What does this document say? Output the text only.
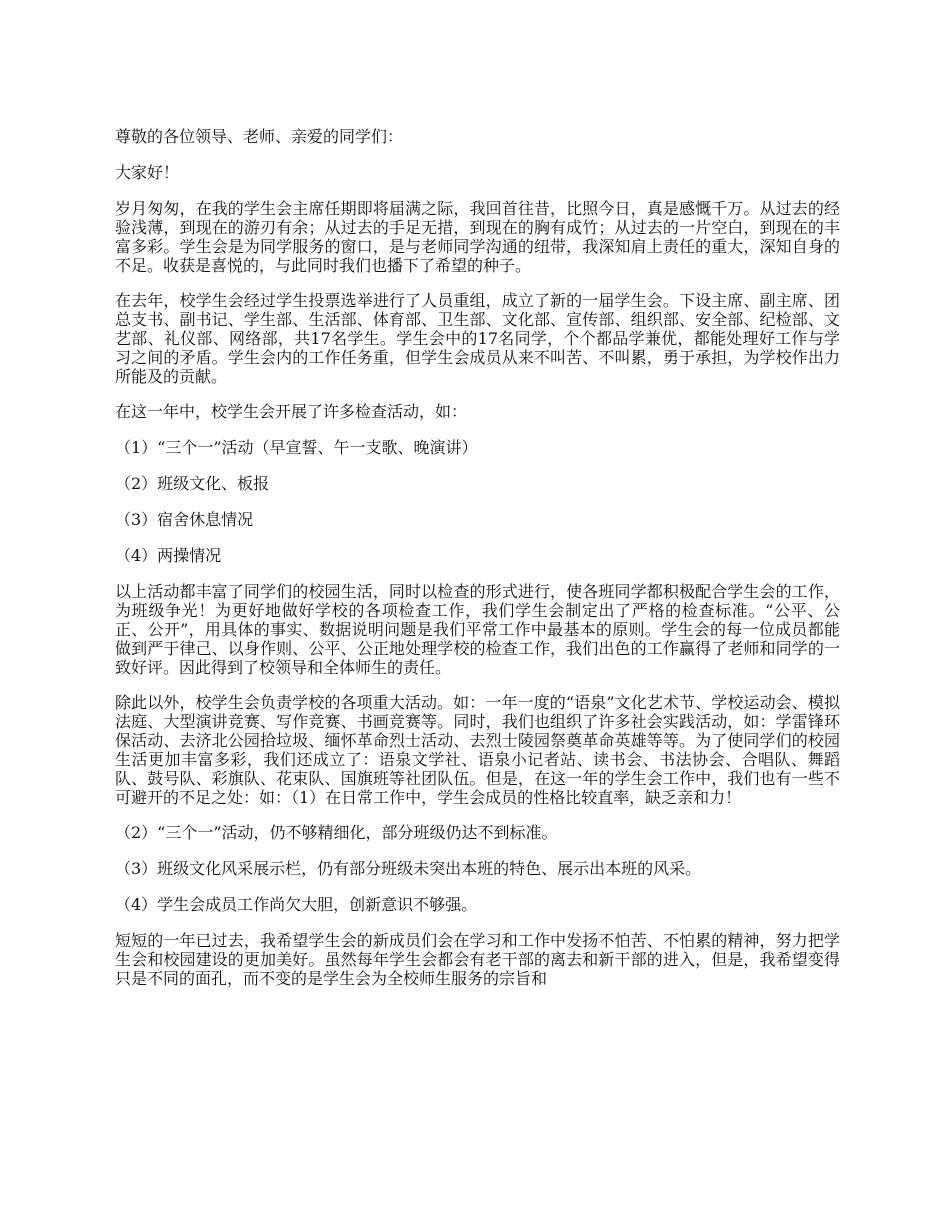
尊敬的各位领导、老师、亲爱的同学们：

大家好！

岁月匆匆，在我的学生会主席任期即将届满之际，我回首往昔，比照今日，真是感慨千万。从过去的经验浅薄，到现在的游刃有余；从过去的手足无措，到现在的胸有成竹；从过去的一片空白，到现在的丰富多彩。学生会是为同学服务的窗口，是与老师同学沟通的纽带，我深知肩上责任的重大，深知自身的不足。收获是喜悦的，与此同时我们也播下了希望的种子。

在去年，校学生会经过学生投票选举进行了人员重组，成立了新的一届学生会。下设主席、副主席、团总支书、副书记、学生部、生活部、体育部、卫生部、文化部、宣传部、组织部、安全部、纪检部、文艺部、礼仪部、网络部，共17名学生。学生会中的17名同学，个个都品学兼优，都能处理好工作与学习之间的矛盾。学生会内的工作任务重，但学生会成员从来不叫苦、不叫累，勇于承担，为学校作出力所能及的贡献。

在这一年中，校学生会开展了许多检查活动，如：

（1）“三个一”活动（早宣誓、午一支歌、晚演讲）

（2）班级文化、板报

（3）宿舍休息情况

（4）两操情况

以上活动都丰富了同学们的校园生活，同时以检查的形式进行，使各班同学都积极配合学生会的工作，为班级争光！为更好地做好学校的各项检查工作，我们学生会制定出了严格的检查标准。“公平、公正、公开”，用具体的事实、数据说明问题是我们平常工作中最基本的原则。学生会的每一位成员都能做到严于律己、以身作则、公平、公正地处理学校的检查工作，我们出色的工作赢得了老师和同学的一致好评。因此得到了校领导和全体师生的责任。

除此以外，校学生会负责学校的各项重大活动。如：一年一度的“语泉”文化艺术节、学校运动会、模拟法庭、大型演讲竞赛、写作竞赛、书画竞赛等。同时，我们也组织了许多社会实践活动，如：学雷锋环保活动、去济北公园拾垃圾、缅怀革命烈士活动、去烈士陵园祭奠革命英雄等等。为了使同学们的校园生活更加丰富多彩，我们还成立了：语泉文学社、语泉小记者站、读书会、书法协会、合唱队、舞蹈队、鼓号队、彩旗队、花束队、国旗班等社团队伍。但是，在这一年的学生会工作中，我们也有一些不可避开的不足之处：如：（1）在日常工作中，学生会成员的性格比较直率，缺乏亲和力！

（2）“三个一”活动，仍不够精细化，部分班级仍达不到标准。

（3）班级文化风采展示栏，仍有部分班级未突出本班的特色、展示出本班的风采。

（4）学生会成员工作尚欠大胆，创新意识不够强。

短短的一年已过去，我希望学生会的新成员们会在学习和工作中发扬不怕苦、不怕累的精神，努力把学生会和校园建设的更加美好。虽然每年学生会都会有老干部的离去和新干部的进入，但是，我希望变得只是不同的面孔，而不变的是学生会为全校师生服务的宗旨和
